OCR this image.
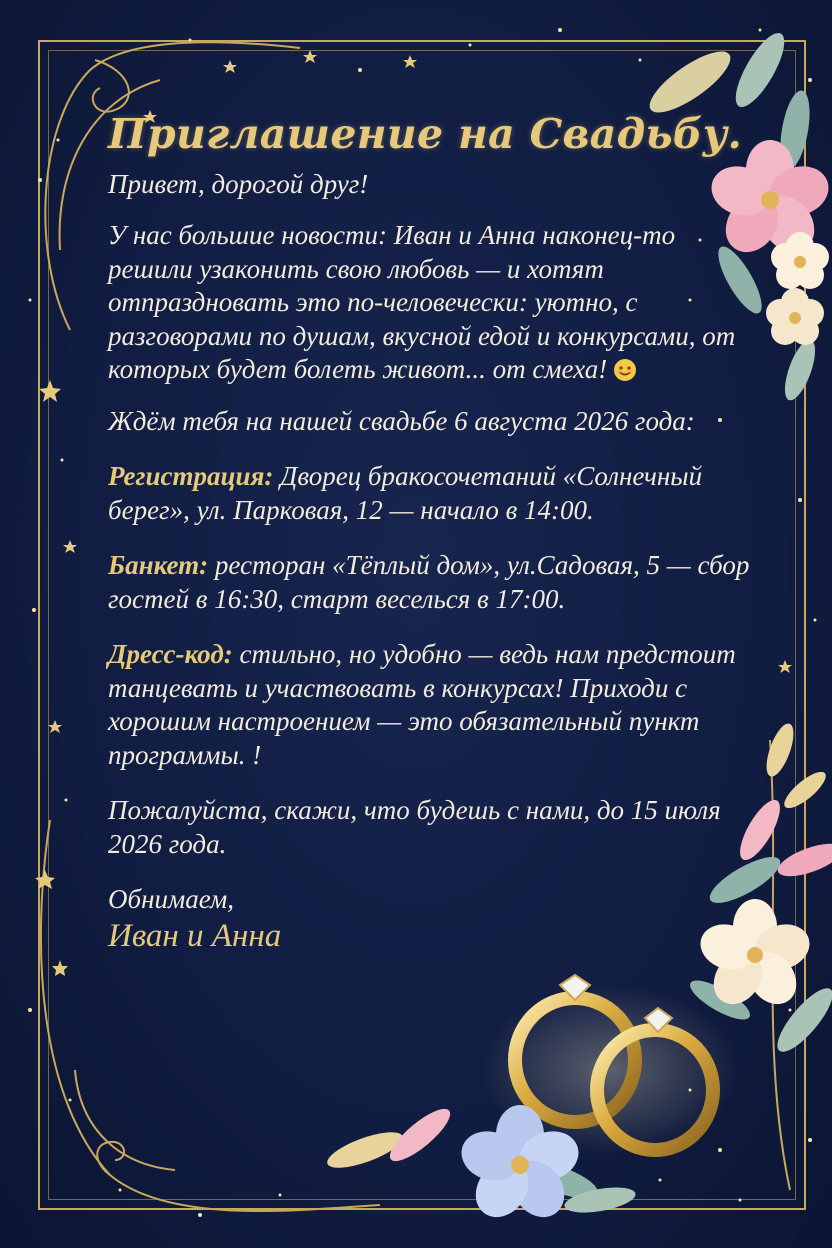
Приглашение на Свадьбу.

Привет, дорогой друг!

У нас большие новости: Иван и Анна наконец-то решили узаконить свою любовь — и хотят отпраздновать это по-человечески: уютно, с разговорами по душам, вкусной едой и конкурсами, от которых будет болеть живот... от смеха!

Ждём тебя на нашей свадьбе 6 августа 2026 года:

Регистрация: Дворец бракосочетаний «Солнечный берег», ул. Парковая, 12 — начало в 14:00.

Банкет: ресторан «Тёплый дом», ул.Садовая, 5 — сбор гостей в 16:30, старт веселься в 17:00.

Дресс-код: стильно, но удобно — ведь нам предстоит танцевать и участвовать в конкурсах! Приходи с хорошим настроением — это обязательный пункт программы. !

Пожалуйста, скажи, что будешь с нами, до 15 июля 2026 года.

Обнимаем,

Иван и Анна
